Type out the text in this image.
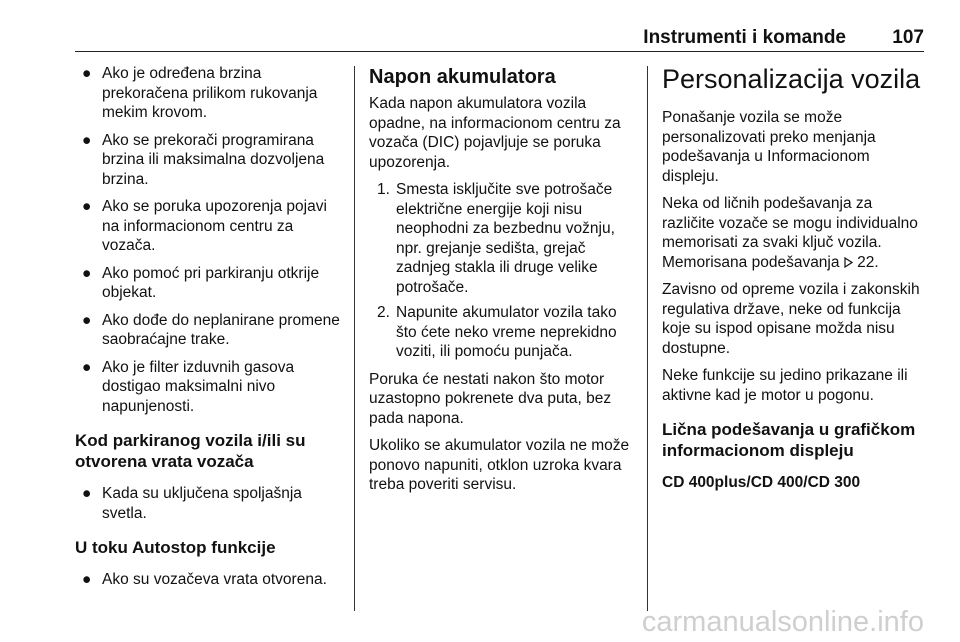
Instrumenti i komande 107
● Ako je određena brzina prekoračena prilikom rukovanja mekim krovom.
● Ako se prekorači programirana brzina ili maksimalna dozvoljena brzina.
● Ako se poruka upozorenja pojavi na informacionom centru za vozača.
● Ako pomoć pri parkiranju otkrije objekat.
● Ako dođe do neplanirane promene saobraćajne trake.
● Ako je filter izduvnih gasova dostigao maksimalni nivo napunjenosti.
Kod parkiranog vozila i/ili su otvorena vrata vozača
● Kada su uključena spoljašnja svetla.
U toku Autostop funkcije
● Ako su vozačeva vrata otvorena.
Napon akumulatora

Kada napon akumulatora vozila opadne, na informacionom centru za vozača (DIC) pojavljuje se poruka upozorenja.

1. Smesta isključite sve potrošače električne energije koji nisu neophodni za bezbednu vožnju, npr. grejanje sedišta, grejač zadnjeg stakla ili druge velike potrošače.
2. Napunite akumulator vozila tako što ćete neko vreme neprekidno voziti, ili pomoću punjača.

Poruka će nestati nakon što motor uzastopno pokrenete dva puta, bez pada napona.

Ukoliko se akumulator vozila ne može ponovo napuniti, otklon uzroka kvara treba poveriti servisu.

Personalizacija vozila

Ponašanje vozila se može personalizovati preko menjanja podešavanja u Informacionom displeju.

Neka od ličnih podešavanja za različite vozače se mogu individualno memorisati za svaki ključ vozila. Memorisana podešavanja 22.

Zavisno od opreme vozila i zakonskih regulativa države, neke od funkcija koje su ispod opisane možda nisu dostupne.

Neke funkcije su jedino prikazane ili aktivne kad je motor u pogonu.

Lična podešavanja u grafičkom informacionom displeju

CD 400plus/CD 400/CD 300

carmanualsonline.info
